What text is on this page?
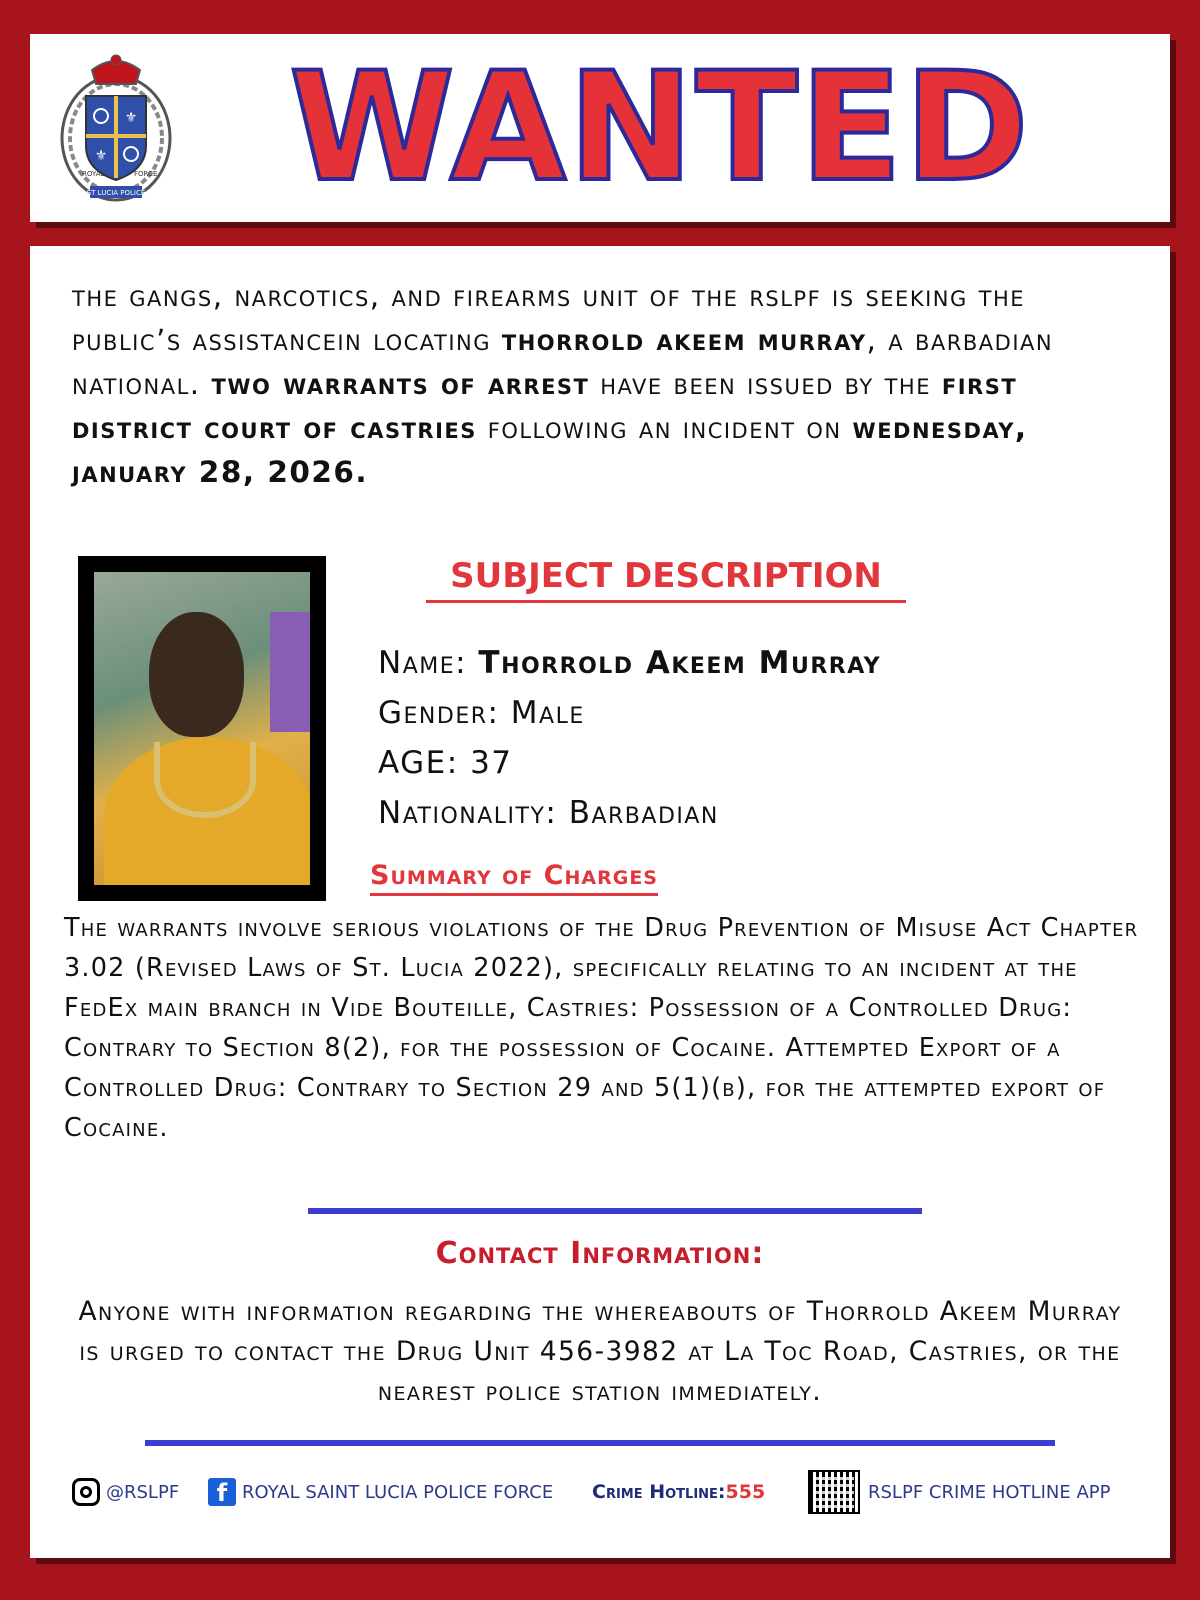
⚜
⚜
ST LUCIA POLICE
ROYAL	FORCE WANTED
the gangs, narcotics, and firearms unit of the rslpf is seeking the public’s assistancein locating thorrold akeem murray, a barbadian national. two warrants of arrest have been issued by the first district court of castries following an incident on wednesday, january 28, 2026.
SUBJECT DESCRIPTION
Name: Thorrold Akeem Murray
Gender: Male
AGE: 37
Nationality: Barbadian
Summary of Charges
The warrants involve serious violations of the Drug Prevention of Misuse Act Chapter 3.02 (Revised Laws of St. Lucia 2022), specifically relating to an incident at the FedEx main branch in Vide Bouteille, Castries: Possession of a Controlled Drug: Contrary to Section 8(2), for the possession of Cocaine. Attempted Export of a Controlled Drug: Contrary to Section 29 and 5(1)(b), for the attempted export of Cocaine.
Contact Information:
Anyone with information regarding the whereabouts of Thorrold Akeem Murray is urged to contact the Drug Unit 456-3982 at La Toc Road, Castries, or the nearest police station immediately.
@RSLPF	f ROYAL SAINT LUCIA POLICE FORCE Crime Hotline: 555	RSLPF CRIME HOTLINE APP
